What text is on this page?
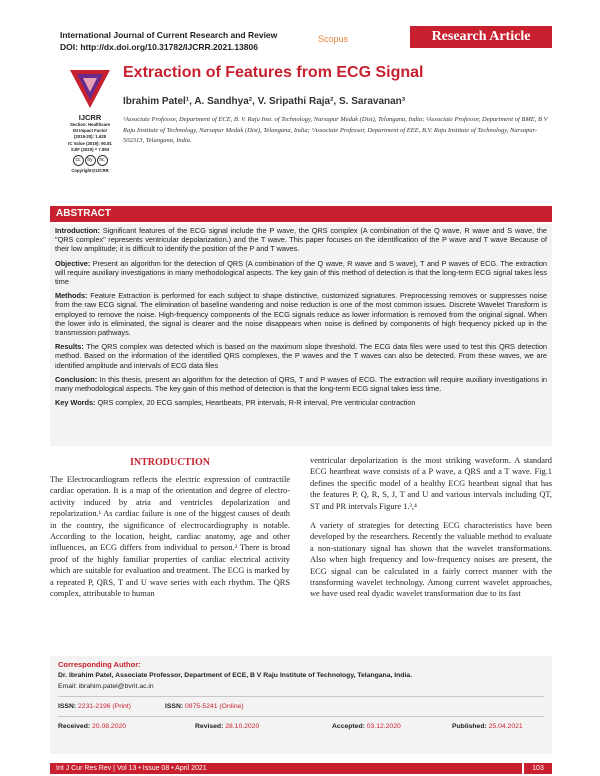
International Journal of Current Research and Review
DOI: http://dx.doi.org/10.31782/IJCRR.2021.13806
Scopus	Research Article
IJCRR
Section: Healthcare
ISI Impact Factor
(2019-20): 1.628
IC Value (2019): 90.81
SJIF (2020) = 7.893
cc	by	nc
Copyright@IJCRR
Extraction of Features from ECG Signal
Ibrahim Patel¹, A. Sandhya², V. Sripathi Raja², S. Saravanan³
¹Associate Professor, Department of ECE, B. V. Raju Inst. of Technology, Narsapur Medak (Dist), Telangana, India; ²Associate Professor, Department of BME, B V Raju Institute of Technology, Narsapur Medak (Dist), Telangana, India; ³Associate Professor, Department of EEE, B.V. Raju Institute of Technology, Narsapur-502313, Telangana, India.
ABSTRACT

Introduction: Significant features of the ECG signal include the P wave, the QRS complex (A combination of the Q wave, R wave and S wave, the "QRS complex" represents ventricular depolarization.) and the T wave. This paper focuses on the identification of the P wave and T wave Because of their low amplitude; it is difficult to identify the position of the P and T waves.

Objective: Present an algorithm for the detection of QRS (A combination of the Q wave, R wave and S wave), T and P waves of ECG. The extraction will require auxiliary investigations in many methodological aspects. The key gain of this method of detection is that the long-term ECG signal takes less time

Methods: Feature Extraction is performed for each subject to shape distinctive, customized signatures. Preprocessing removes or suppresses noise from the raw ECG signal. The elimination of baseline wandering and noise reduction is one of the most common issues. Discrete Wavelet Transform is employed to remove the noise. High-frequency components of the ECG signals reduce as lower information is removed from the original signal. When the lower info is eliminated, the signal is clearer and the noise disappears when noise is defined by components of high frequency picked up in the transmission pathways.

Results: The QRS complex was detected which is based on the maximum slope threshold. The ECG data files were used to test this QRS detection method. Based on the information of the identified QRS complexes, the P waves and the T waves can also be detected. From these waves, we are identified amplitude and intervals of ECG data files

Conclusion: In this thesis, present an algorithm for the detection of QRS, T and P waves of ECG. The extraction will require auxiliary investigations in many methodological aspects. The key gain of this method of detection is that the long-term ECG signal takes less time.

Key Words: QRS complex, 20 ECG samples, Heartbeats, PR intervals, R-R interval, Pre ventricular contraction

INTRODUCTION

The Electrocardiogram reflects the electric expression of contractile cardiac operation. It is a map of the orientation and degree of electro-activity induced by atria and ventricles depolarization and repolarization.¹ As cardiac failure is one of the biggest causes of death in the country, the significance of electrocardiography is notable. According to the location, height, cardiac anatomy, age and other influences, an ECG differs from individual to person.² There is broad proof of the highly familiar properties of cardiac electrical activity which are suitable for evaluation and treatment. The ECG is marked by a repeated P, QRS, T and U wave series with each rhythm. The QRS complex, attributable to human

ventricular depolarization is the most striking waveform. A standard ECG heartbeat wave consists of a P wave, a QRS and a T wave. Fig.1 defines the specific model of a healthy ECG heartbeat signal that has the features P, Q, R, S, J, T and U and various intervals including QT, ST and PR intervals Figure 1.³,⁴

A variety of strategies for detecting ECG characteristics have been developed by the researchers. Recently the valuable method to evaluate a non-stationary signal has shown that the wavelet transformations. Also when high frequency and low-frequency noises are present, the ECG signal can be calculated in a fairly correct manner with the transforming wavelet technology. Among current wavelet approaches, we have used real dyadic wavelet transformation due to its fast

Corresponding Author:
Dr. Ibrahim Patel, Associate Professor, Department of ECE, B V Raju Institute of Technology, Telangana, India.
Email: ibrahim.patel@bvrit.ac.in
ISSN: 2231-2196 (Print)	ISSN: 0975-5241 (Online)
Received: 20.08.2020	Revised: 28.10.2020	Accepted: 03.12.2020	Published: 25.04.2021
Int J Cur Res Rev | Vol 13 • Issue 08 • April 2021	103
